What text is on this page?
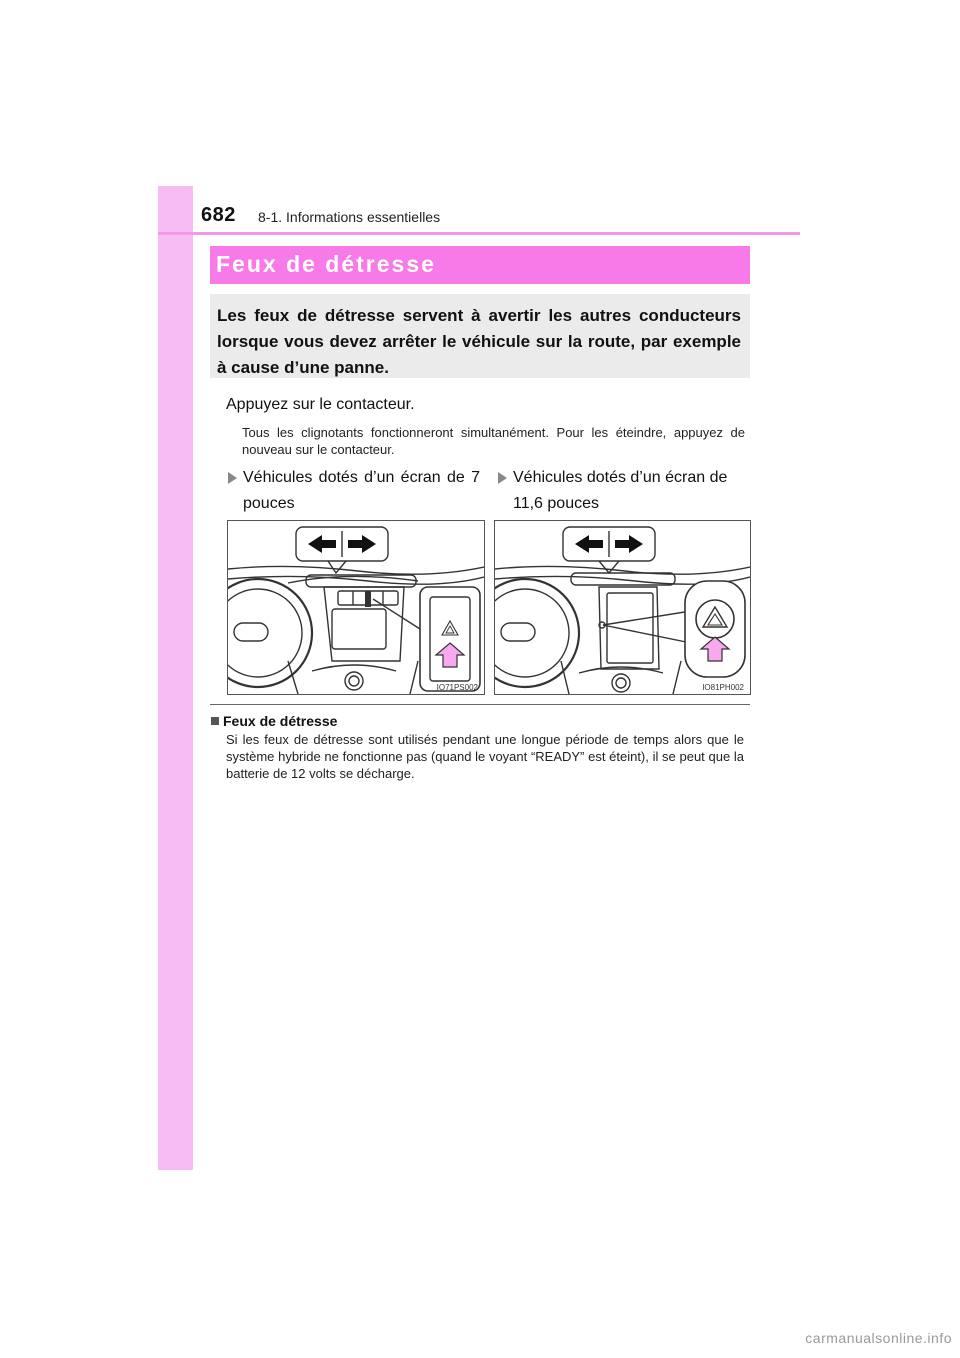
682 8-1. Informations essentielles
Feux de détresse
Les feux de détresse servent à avertir les autres conducteurs lorsque vous devez arrêter le véhicule sur la route, par exemple à cause d’une panne.
Appuyez sur le contacteur.
Tous les clignotants fonctionneront simultanément. Pour les éteindre, appuyez de nouveau sur le contacteur.
Véhicules dotés d’un écran de 7 pouces
Véhicules dotés d’un écran de 11,6 pouces
IO71PS002	IO81PH002
Feux de détresse
Si les feux de détresse sont utilisés pendant une longue période de temps alors que le système hybride ne fonctionne pas (quand le voyant “READY” est éteint), il se peut que la batterie de 12 volts se décharge.
carmanualsonline.info
